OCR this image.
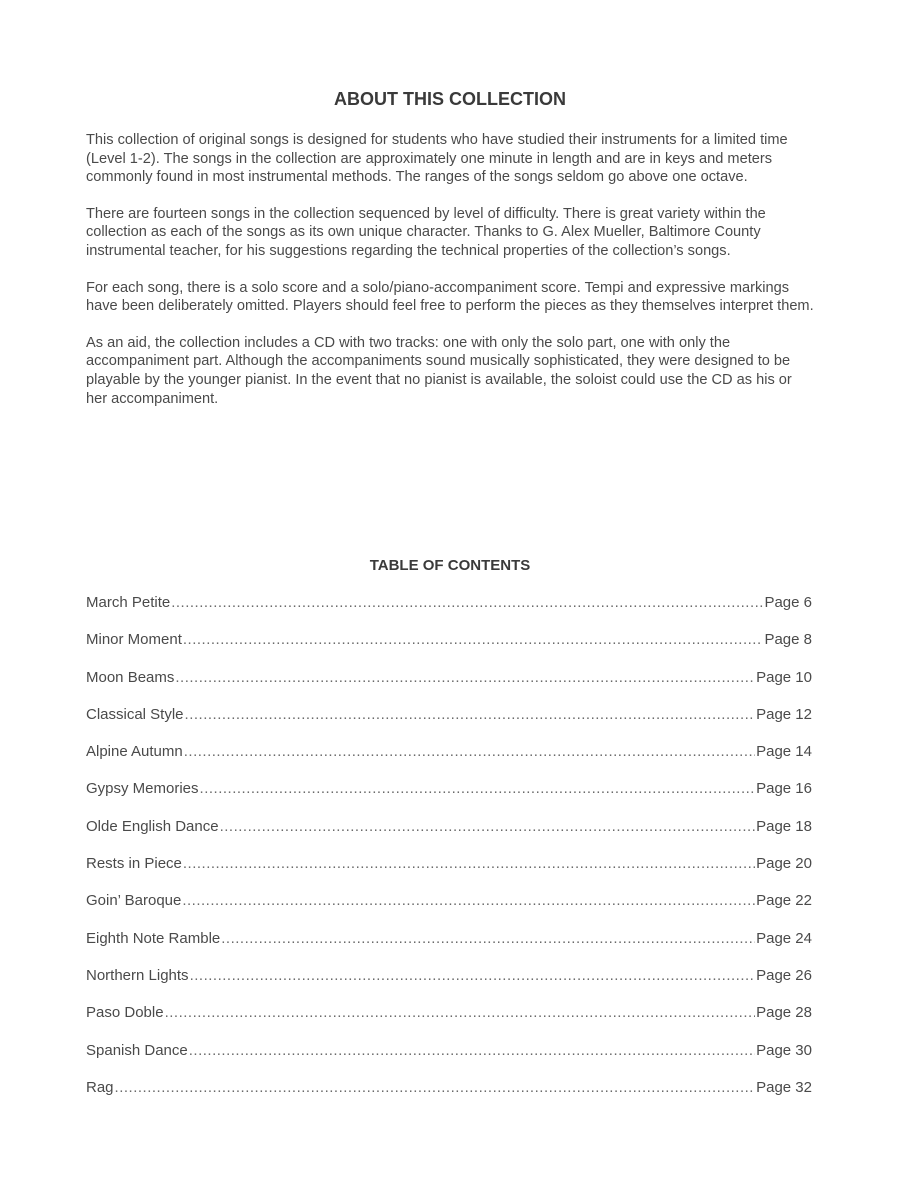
ABOUT THIS COLLECTION

This collection of original songs is designed for students who have studied their instruments for a limited time (Level 1-2). The songs in the collection are approximately one minute in length and are in keys and meters commonly found in most instrumental methods. The ranges of the songs seldom go above one octave.

There are fourteen songs in the collection sequenced by level of difficulty. There is great variety within the collection as each of the songs as its own unique character. Thanks to G. Alex Mueller, Baltimore County instrumental teacher, for his suggestions regarding the technical properties of the collection’s songs.

For each song, there is a solo score and a solo/piano-accompaniment score. Tempi and expressive markings have been deliberately omitted. Players should feel free to perform the pieces as they themselves interpret them.

As an aid, the collection includes a CD with two tracks: one with only the solo part, one with only the accompaniment part. Although the accompaniments sound musically sophisticated, they were designed to be playable by the younger pianist. In the event that no pianist is available, the soloist could use the CD as his or her accompaniment.

TABLE OF CONTENTS
March Petite .....	Page 6
Minor Moment .....	Page 8
Moon Beams .....	Page 10
Classical Style .....	Page 12
Alpine Autumn .....	Page 14
Gypsy Memories .....	Page 16
Olde English Dance .....	Page 18
Rests in Piece .....	Page 20
Goin’ Baroque .....	Page 22
Eighth Note Ramble .....	Page 24
Northern Lights .....	Page 26
Paso Doble .....	Page 28
Spanish Dance .....	Page 30
Rag .....	Page 32
